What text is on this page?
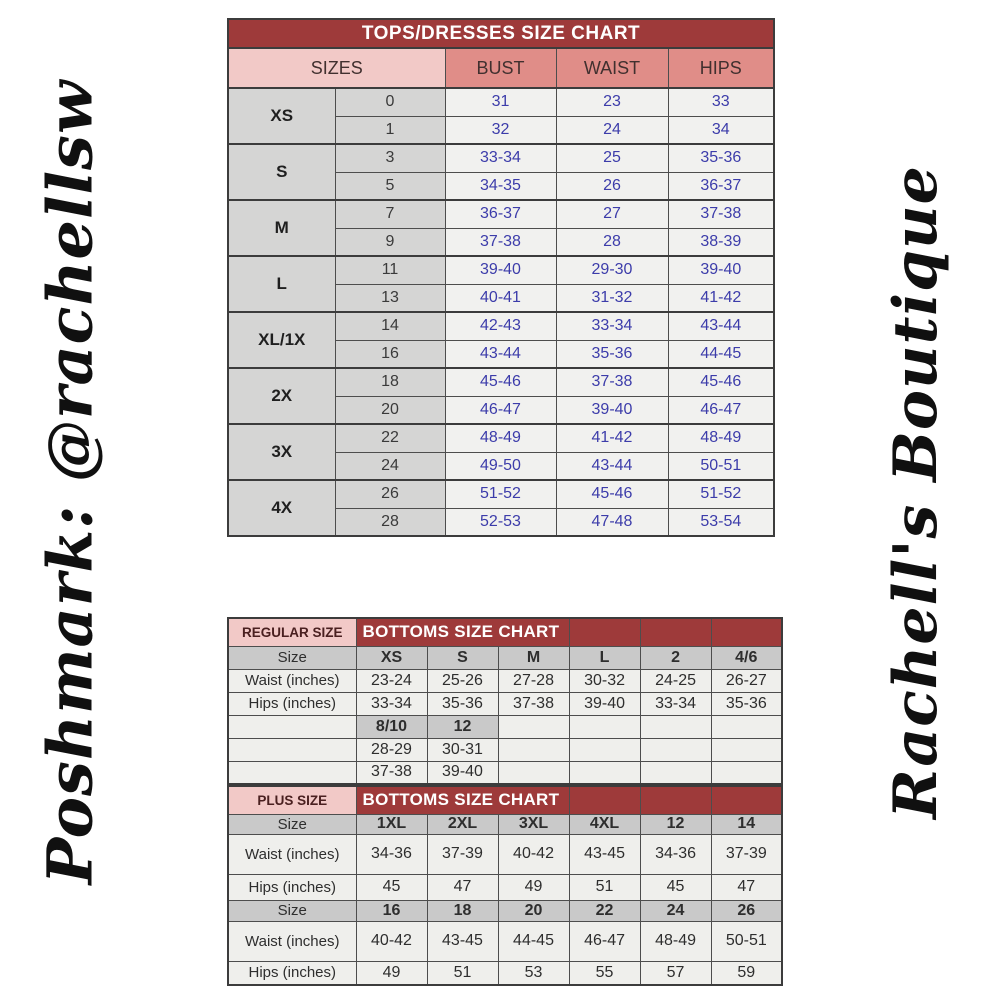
Poshmark: @rachellsw	Rachell's Boutique
TOPS/DRESSES SIZE CHART				
SIZES		BUST	WAIST	HIPS
XS	0	31	23	33
	1	32	24	34
S	3	33-34	25	35-36
	5	34-35	26	36-37
M	7	36-37	27	37-38
	9	37-38	28	38-39
L	11	39-40	29-30	39-40
	13	40-41	31-32	41-42
XL/1X	14	42-43	33-34	43-44
	16	43-44	35-36	44-45
2X	18	45-46	37-38	45-46
	20	46-47	39-40	46-47
3X	22	48-49	41-42	48-49
	24	49-50	43-44	50-51
4X	26	51-52	45-46	51-52
	28	52-53	47-48	53-54
REGULAR SIZE	BOTTOMS SIZE CHART					
Size	XS	S	M	L	2	4/6
Waist (inches)	23-24	25-26	27-28	30-32	24-25	26-27
Hips (inches)	33-34	35-36	37-38	39-40	33-34	35-36
	8/10	12				
	28-29	30-31				
	37-38	39-40				
PLUS SIZE	BOTTOMS SIZE CHART					
Size	1XL	2XL	3XL	4XL	12	14
Waist (inches)	34-36	37-39	40-42	43-45	34-36	37-39
Hips (inches)	45	47	49	51	45	47
Size	16	18	20	22	24	26
Waist (inches)	40-42	43-45	44-45	46-47	48-49	50-51
Hips (inches)	49	51	53	55	57	59
